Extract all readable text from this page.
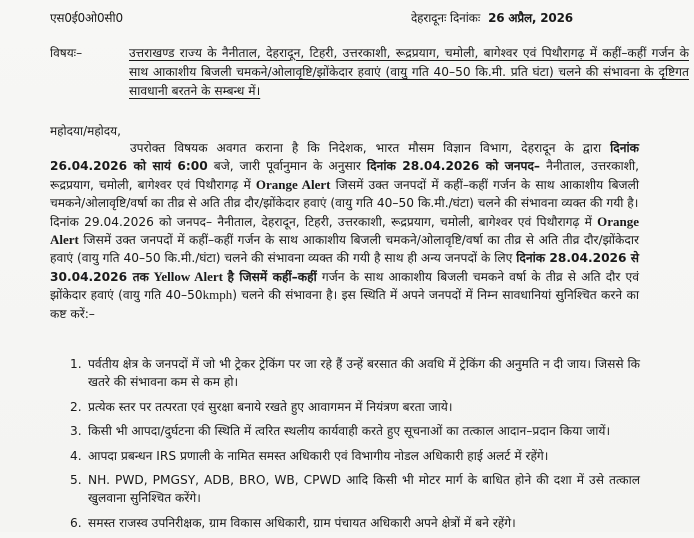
एस0ई0ओ0सी0	देहरादूनः दिनांकः 26 अप्रैल, 2026
विषयः–	उत्तराखण्ड राज्य के नैनीताल, देहरादून, टिहरी, उत्तरकाशी, रूद्रप्रयाग, चमोली, बागेश्वर एवं पिथौरागढ़ में कहीं–कहीं गर्जन के साथ आकाशीय बिजली चमकने/ओलावृष्टि/झोंकेदार हवाएं (वायु गति 40–50 कि.मी. प्रति घंटा) चलने की संभावना के दृष्टिगत सावधानी बरतने के सम्बन्ध में।
महोदया/महोदय,

उपरोक्त विषयक अवगत कराना है कि निदेशक, भारत मौसम विज्ञान विभाग, देहरादून के द्वारा दिनांक 26.04.2026 को सायं 6:00 बजे, जारी पूर्वानुमान के अनुसार दिनांक 28.04.2026 को जनपद– नैनीताल, उत्तरकाशी, रूद्रप्रयाग, चमोली, बागेश्वर एवं पिथौरागढ़ में Orange Alert जिसमें उक्त जनपदों में कहीं–कहीं गर्जन के साथ आकाशीय बिजली चमकने/ओलावृष्टि/वर्षा का तीव्र से अति तीव्र दौर/झोंकेदार हवाएं (वायु गति 40–50 कि.मी./घंटा) चलने की संभावना व्यक्त की गयी है।

दिनांक 29.04.2026 को जनपद– नैनीताल, देहरादून, टिहरी, उत्तरकाशी, रूद्रप्रयाग, चमोली, बागेश्वर एवं पिथौरागढ़ में Orange Alert जिसमें उक्त जनपदों में कहीं–कहीं गर्जन के साथ आकाशीय बिजली चमकने/ओलावृष्टि/वर्षा का तीव्र से अति तीव्र दौर/झोंकेदार हवाएं (वायु गति 40–50 कि.मी./घंटा) चलने की संभावना व्यक्त की गयी है साथ ही अन्य जनपदों के लिए दिनांक 28.04.2026 से 30.04.2026 तक Yellow Alert है जिसमें कहीं–कहीं गर्जन के साथ आकाशीय बिजली चमकने वर्षा के तीव्र से अति दौर एवं झोंकेदार हवाएं (वायु गति 40–50kmph) चलने की संभावना है। इस स्थिति में अपने जनपदों में निम्न सावधानियां सुनिश्चित करने का कष्ट करें:–

1. पर्वतीय क्षेत्र के जनपदों में जो भी ट्रेकर ट्रेकिंग पर जा रहे हैं उन्हें बरसात की अवधि में ट्रेकिंग की अनुमति न दी जाय। जिससे कि खतरे की संभावना कम से कम हो।
2. प्रत्येक स्तर पर तत्परता एवं सुरक्षा बनाये रखते हुए आवागमन में नियंत्रण बरता जाये।
3. किसी भी आपदा/दुर्घटना की स्थिति में त्वरित स्थलीय कार्यवाही करते हुए सूचनाओं का तत्काल आदान–प्रदान किया जायें।
4. आपदा प्रबन्धन IRS प्रणाली के नामित समस्त अधिकारी एवं विभागीय नोडल अधिकारी हाई अलर्ट में रहेंगे।
5. NH. PWD, PMGSY, ADB, BRO, WB, CPWD आदि किसी भी मोटर मार्ग के बाधित होने की दशा में उसे तत्काल खुलवाना सुनिश्चित करेंगे।
6. समस्त राजस्व उपनिरीक्षक, ग्राम विकास अधिकारी, ग्राम पंचायत अधिकारी अपने क्षेत्रों में बने रहेंगे।
